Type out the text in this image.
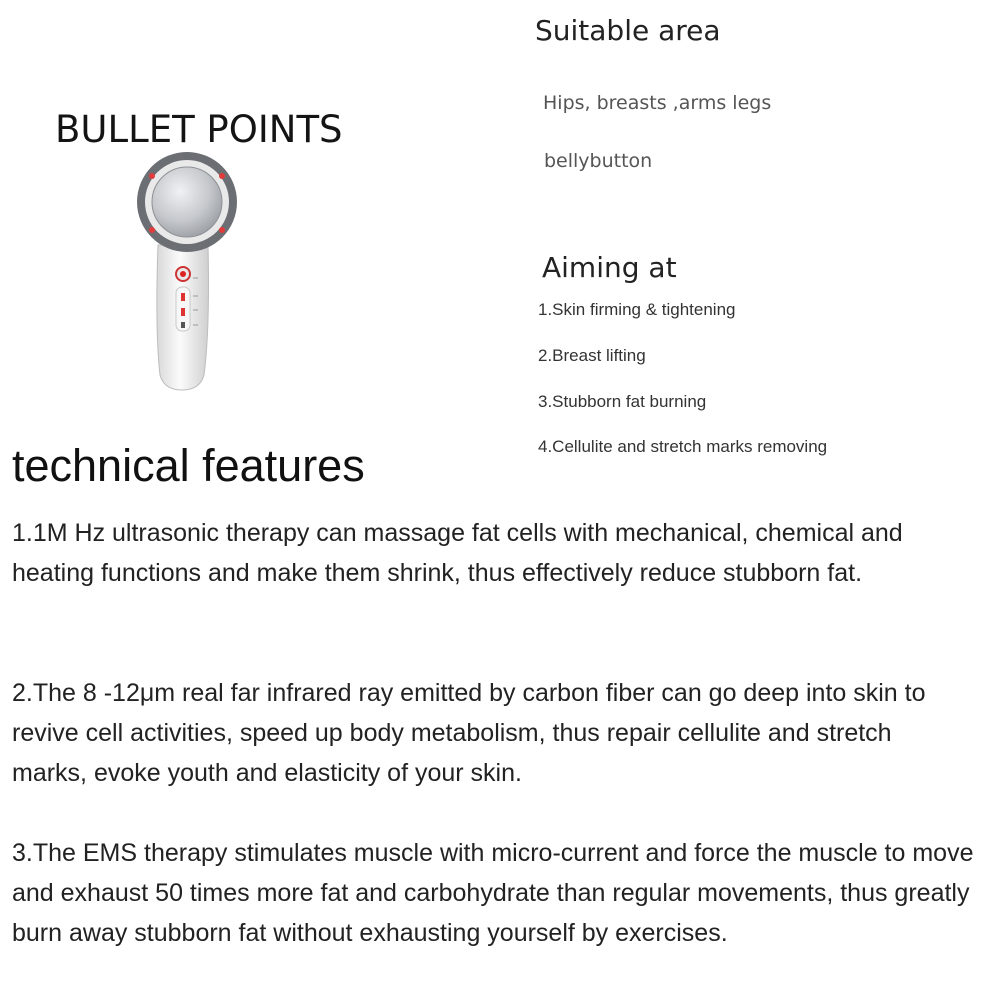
BULLET POINTS
Suitable area
Hips, breasts ,arms legs
bellybutton
Aiming at
1.Skin firming & tightening
2.Breast lifting
3.Stubborn fat burning
4.Cellulite and stretch marks removing
technical features
1.1M Hz ultrasonic therapy can massage fat cells with mechanical, chemical and heating functions and make them shrink, thus effectively reduce stubborn fat.
2.The 8 -12μm real far infrared ray emitted by carbon fiber can go deep into skin to revive cell activities, speed up body metabolism, thus repair cellulite and stretch marks, evoke youth and elasticity of your skin.
3.The EMS therapy stimulates muscle with micro-current and force the muscle to move and exhaust 50 times more fat and carbohydrate than regular movements, thus greatly burn away stubborn fat without exhausting yourself by exercises.
